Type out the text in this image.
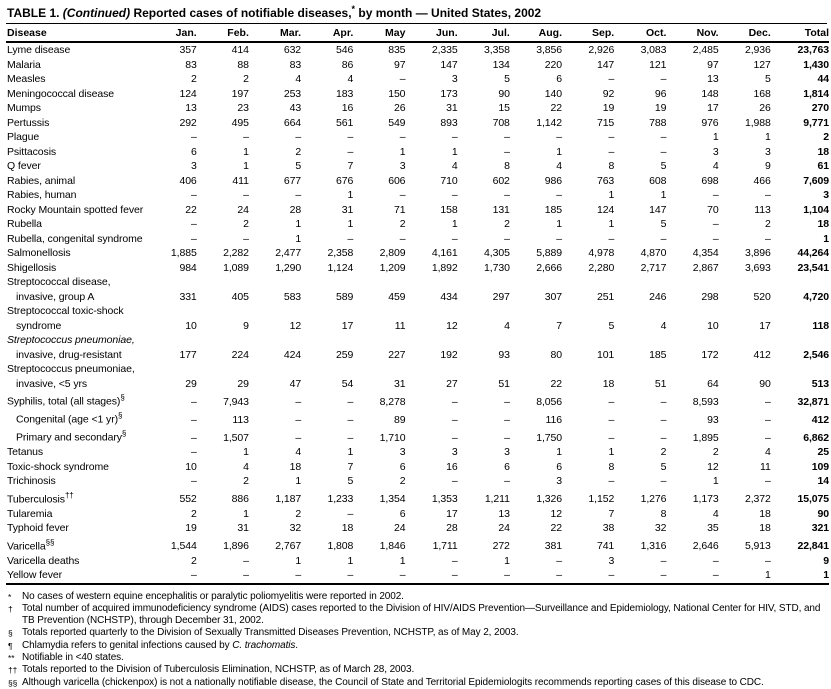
TABLE 1. (Continued) Reported cases of notifiable diseases,* by month — United States, 2002
Disease	Jan.	Feb.	Mar.	Apr.	May	Jun.	Jul.	Aug.	Sep.	Oct.	Nov.	Dec.	Total
Lyme disease	357	414	632	546	835	2,335	3,358	3,856	2,926	3,083	2,485	2,936	23,763
Malaria	83	88	83	86	97	147	134	220	147	121	97	127	1,430
Measles	2	2	4	4	–	3	5	6	–	–	13	5	44
Meningococcal disease	124	197	253	183	150	173	90	140	92	96	148	168	1,814
Mumps	13	23	43	16	26	31	15	22	19	19	17	26	270
Pertussis	292	495	664	561	549	893	708	1,142	715	788	976	1,988	9,771
Plague	–	–	–	–	–	–	–	–	–	–	1	1	2
Psittacosis	6	1	2	–	1	1	–	1	–	–	3	3	18
Q fever	3	1	5	7	3	4	8	4	8	5	4	9	61
Rabies, animal	406	411	677	676	606	710	602	986	763	608	698	466	7,609
Rabies, human	–	–	–	1	–	–	–	–	1	1	–	–	3
Rocky Mountain spotted fever	22	24	28	31	71	158	131	185	124	147	70	113	1,104
Rubella	–	2	1	1	2	1	2	1	1	5	–	2	18
Rubella, congenital syndrome	–	–	1	–	–	–	–	–	–	–	–	–	1
Salmonellosis	1,885	2,282	2,477	2,358	2,809	4,161	4,305	5,889	4,978	4,870	4,354	3,896	44,264
Shigellosis	984	1,089	1,290	1,124	1,209	1,892	1,730	2,666	2,280	2,717	2,867	3,693	23,541

Streptococcal disease,
invasive, group A	331	405	583	589	459	434	297	307	251	246	298	520	4,720

Streptococcal toxic-shock
syndrome	10	9	12	17	11	12	4	7	5	4	10	17	118

Streptococcus pneumoniae,
invasive, drug-resistant	177	224	424	259	227	192	93	80	101	185	172	412	2,546

Streptococcus pneumoniae,
invasive, <5 yrs	29	29	47	54	31	27	51	22	18	51	64	90	513
Syphilis, total (all stages)§	–	7,943	–	–	8,278	–	–	8,056	–	–	8,593	–	32,871
Congenital (age <1 yr)§	–	113	–	–	89	–	–	116	–	–	93	–	412
Primary and secondary§	–	1,507	–	–	1,710	–	–	1,750	–	–	1,895	–	6,862
Tetanus	–	1	4	1	3	3	3	1	1	2	2	4	25
Toxic-shock syndrome	10	4	18	7	6	16	6	6	8	5	12	11	109
Trichinosis	–	2	1	5	2	–	–	3	–	–	1	–	14
Tuberculosis††	552	886	1,187	1,233	1,354	1,353	1,211	1,326	1,152	1,276	1,173	2,372	15,075
Tularemia	2	1	2	–	6	17	13	12	7	8	4	18	90
Typhoid fever	19	31	32	18	24	28	24	22	38	32	35	18	321
Varicella§§	1,544	1,896	2,767	1,808	1,846	1,711	272	381	741	1,316	2,646	5,913	22,841
Varicella deaths	2	–	1	1	1	–	1	–	3	–	–	–	9
Yellow fever	–	–	–	–	–	–	–	–	–	–	–	1	1
* No cases of western equine encephalitis or paralytic poliomyelitis were reported in 2002.
† Total number of acquired immunodeficiency syndrome (AIDS) cases reported to the Division of HIV/AIDS Prevention—Surveillance and Epidemiology, National Center for HIV, STD, and TB Prevention (NCHSTP), through December 31, 2002.
§ Totals reported quarterly to the Division of Sexually Transmitted Diseases Prevention, NCHSTP, as of May 2, 2003.
¶ Chlamydia refers to genital infections caused by C. trachomatis.
** Notifiable in <40 states.
†† Totals reported to the Division of Tuberculosis Elimination, NCHSTP, as of March 28, 2003.
§§ Although varicella (chickenpox) is not a nationally notifiable disease, the Council of State and Territorial Epidemiologits recommends reporting cases of this disease to CDC.
